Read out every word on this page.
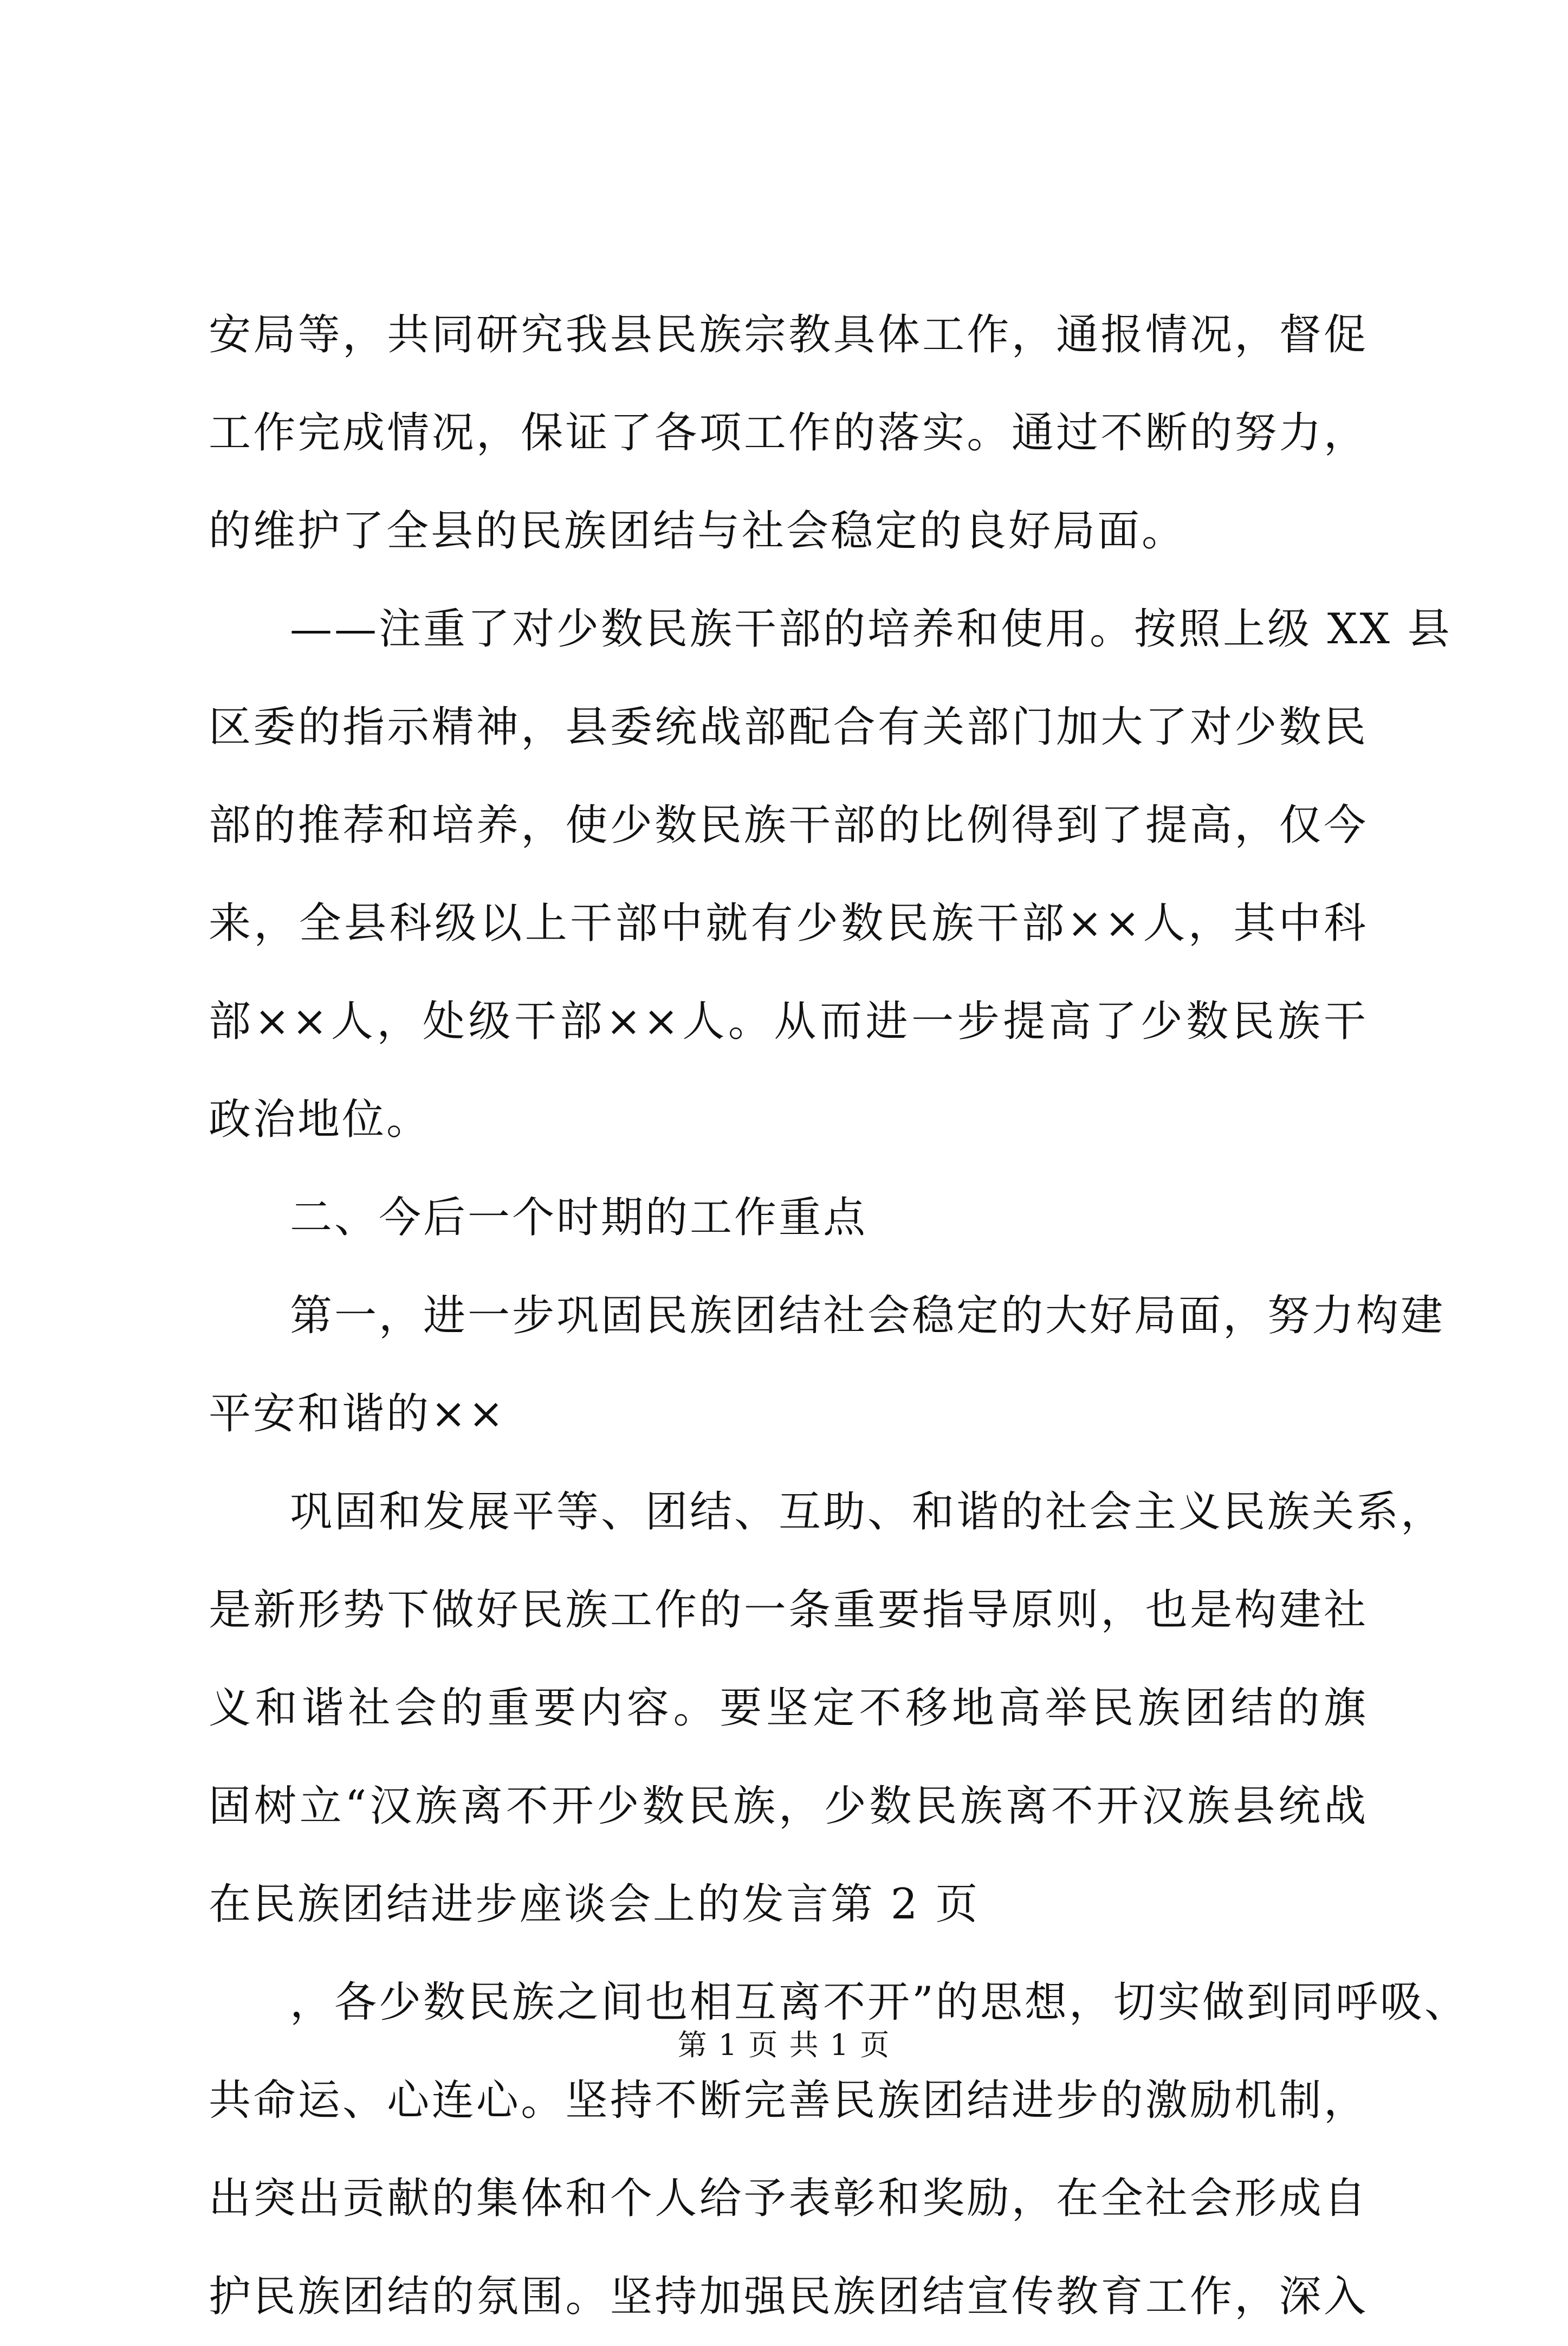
安局等，共同研究我县民族宗教具体工作，通报情况，督促
工作完成情况，保证了各项工作的落实。通过不断的努力，
的维护了全县的民族团结与社会稳定的良好局面。
——注重了对少数民族干部的培养和使用。按照上级 XX 县
区委的指示精神，县委统战部配合有关部门加大了对少数民
部的推荐和培养，使少数民族干部的比例得到了提高，仅今
来，全县科级以上干部中就有少数民族干部××人，其中科
部××人，处级干部××人。从而进一步提高了少数民族干
政治地位。
二、今后一个时期的工作重点
第一，进一步巩固民族团结社会稳定的大好局面，努力构建
平安和谐的××
巩固和发展平等、团结、互助、和谐的社会主义民族关系，
是新形势下做好民族工作的一条重要指导原则，也是构建社
义和谐社会的重要内容。要坚定不移地高举民族团结的旗
固树立“汉族离不开少数民族，少数民族离不开汉族县统战
在民族团结进步座谈会上的发言第 2 页
，各少数民族之间也相互离不开”的思想，切实做到同呼吸、
共命运、心连心。坚持不断完善民族团结进步的激励机制，
出突出贡献的集体和个人给予表彰和奖励，在全社会形成自
护民族团结的氛围。坚持加强民族团结宣传教育工作，深入
第 1 页 共 1 页
